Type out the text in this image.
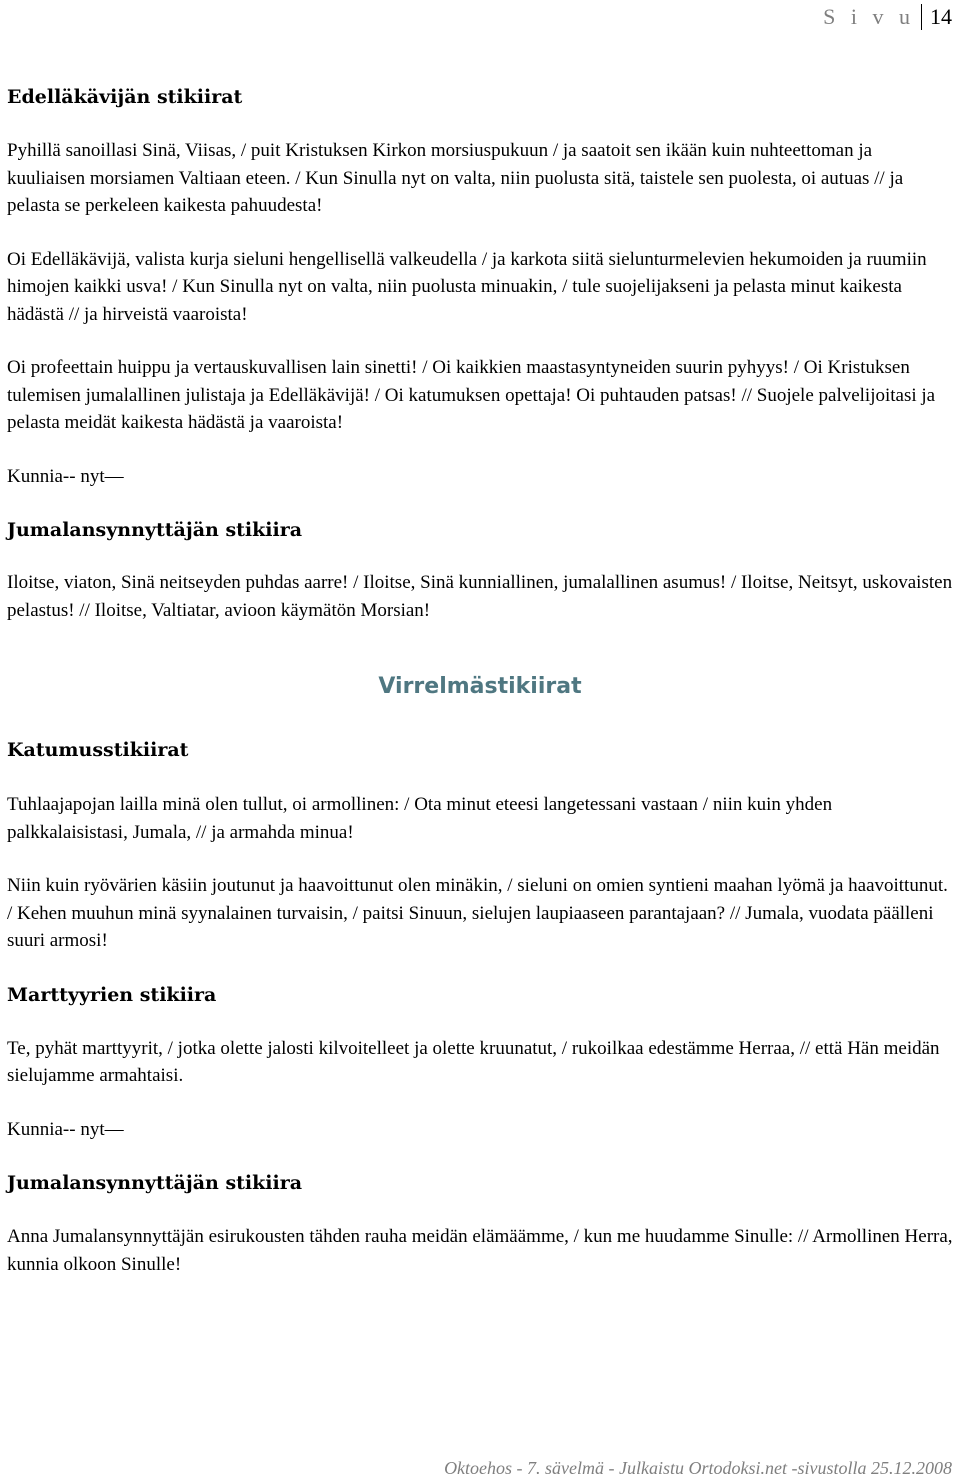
S i v u 14
Edelläkävijän stikiirat

Pyhillä sanoillasi Sinä, Viisas, / puit Kristuksen Kirkon morsiuspukuun / ja saatoit sen ikään kuin nuhteettoman ja kuuliaisen morsiamen Valtiaan eteen. / Kun Sinulla nyt on valta, niin puolusta sitä, taistele sen puolesta, oi autuas // ja pelasta se perkeleen kaikesta pahuudesta!

Oi Edelläkävijä, valista kurja sieluni hengellisellä valkeudella / ja karkota siitä sielunturmelevien hekumoiden ja ruumiin himojen kaikki usva! / Kun Sinulla nyt on valta, niin puolusta minuakin, / tule suojelijakseni ja pelasta minut kaikesta hädästä // ja hirveistä vaaroista!

Oi profeettain huippu ja vertauskuvallisen lain sinetti! / Oi kaikkien maastasyntyneiden suurin pyhyys! / Oi Kristuksen tulemisen jumalallinen julistaja ja Edelläkävijä! / Oi katumuksen opettaja! Oi puhtauden patsas! // Suojele palvelijoitasi ja pelasta meidät kaikesta hädästä ja vaaroista!

Kunnia-- nyt—

Jumalansynnyttäjän stikiira

Iloitse, viaton, Sinä neitseyden puhdas aarre! / Iloitse, Sinä kunniallinen, jumalallinen asumus! / Iloitse, Neitsyt, uskovaisten pelastus! // Iloitse, Valtiatar, avioon käymätön Morsian!

Virrelmästikiirat
Katumusstikiirat

Tuhlaajapojan lailla minä olen tullut, oi armollinen: / Ota minut eteesi langetessani vastaan / niin kuin yhden palkkalaisistasi, Jumala, // ja armahda minua!

Niin kuin ryövärien käsiin joutunut ja haavoittunut olen minäkin, / sieluni on omien syntieni maahan lyömä ja haavoittunut. / Kehen muuhun minä syynalainen turvaisin, / paitsi Sinuun, sielujen laupiaaseen parantajaan? // Jumala, vuodata päälleni suuri armosi!

Marttyyrien stikiira

Te, pyhät marttyyrit, / jotka olette jalosti kilvoitelleet ja olette kruunatut, / rukoilkaa edestämme Herraa, // että Hän meidän sielujamme armahtaisi.

Kunnia-- nyt—

Jumalansynnyttäjän stikiira

Anna Jumalansynnyttäjän esirukousten tähden rauha meidän elämäämme, / kun me huudamme Sinulle: // Armollinen Herra, kunnia olkoon Sinulle!

Oktoehos - 7. sävelmä - Julkaistu Ortodoksi.net -sivustolla 25.12.2008
